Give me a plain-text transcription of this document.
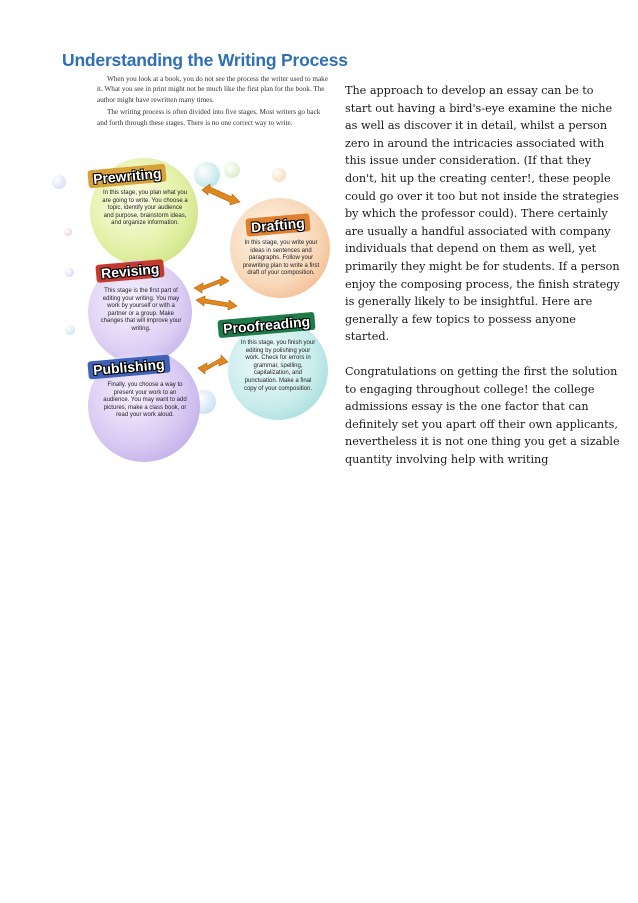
Understanding the Writing Process

When you look at a book, you do not see the process the writer used to make it. What you see in print might not be much like the first plan for the book. The author might have rewritten many times.

The writing process is often divided into five stages. Most writers go back and forth through these stages. There is no one correct way to write.

In this stage, you plan what you are going to write. You choose a topic, identify your audience and purpose, brainstorm ideas, and organize information.
Prewriting
In this stage, you write your ideas in sentences and paragraphs. Follow your prewriting plan to write a first draft of your composition.
Drafting
This stage is the first part of editing your writing. You may work by yourself or with a partner or a group. Make changes that will improve your writing.
Revising
In this stage, you finish your editing by polishing your work. Check for errors in grammar, spelling, capitalization, and punctuation. Make a final copy of your composition.
Proofreading
Finally, you choose a way to present your work to an audience. You may want to add pictures, make a class book, or read your work aloud.
Publishing

The approach to develop an essay can be to start out having a bird's-eye examine the niche as well as discover it in detail, whilst a person zero in around the intricacies associated with this issue under consideration. (If that they don't, hit up the creating center!, these people could go over it too but not inside the strategies by which the professor could). There certainly are usually a handful associated with company individuals that depend on them as well, yet primarily they might be for students. If a person enjoy the composing process, the finish strategy is generally likely to be insightful. Here are generally a few topics to possess anyone started.

Congratulations on getting the first the solution to engaging throughout college! the college admissions essay is the one factor that can definitely set you apart off their own applicants, nevertheless it is not one thing you get a sizable quantity involving help with writing
